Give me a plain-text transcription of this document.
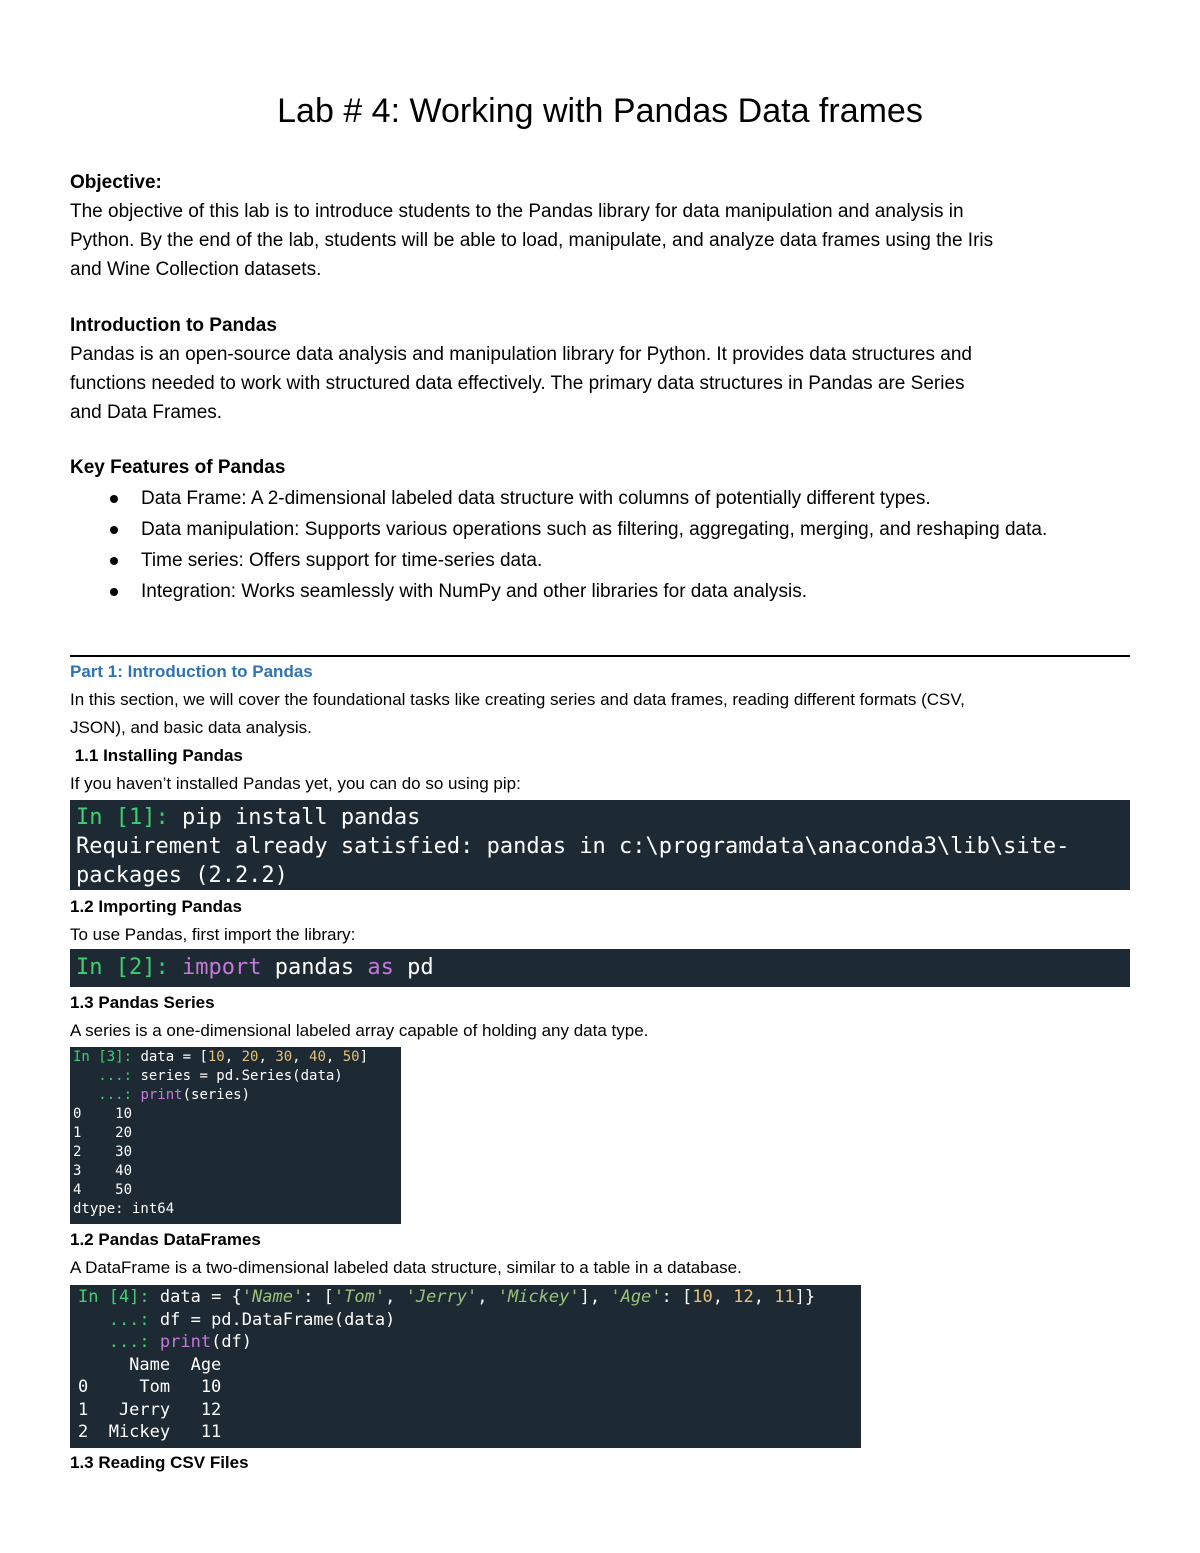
Lab # 4: Working with Pandas Data frames

Objective:

The objective of this lab is to introduce students to the Pandas library for data manipulation and analysis in

Python. By the end of the lab, students will be able to load, manipulate, and analyze data frames using the Iris

and Wine Collection datasets.

Introduction to Pandas

Pandas is an open-source data analysis and manipulation library for Python. It provides data structures and

functions needed to work with structured data effectively. The primary data structures in Pandas are Series

and Data Frames.

Key Features of Pandas

Data Frame: A 2-dimensional labeled data structure with columns of potentially different types.
Data manipulation: Supports various operations such as filtering, aggregating, merging, and reshaping data.
Time series: Offers support for time-series data.
Integration: Works seamlessly with NumPy and other libraries for data analysis.
Part 1: Introduction to Pandas
In this section, we will cover the foundational tasks like creating series and data frames, reading different formats (CSV,
JSON), and basic data analysis.
1.1 Installing Pandas
If you haven’t installed Pandas yet, you can do so using pip:
In [1]: pip install pandas
Requirement already satisfied: pandas in c:\programdata\anaconda3\lib\site-
packages (2.2.2)
1.2 Importing Pandas
To use Pandas, first import the library:
In [2]: import pandas as pd
1.3 Pandas Series
A series is a one-dimensional labeled array capable of holding any data type.
In [3]: data = [10, 20, 30, 40, 50]
...: series = pd.Series(data)
...: print(series)
0    10
1    20
2    30
3    40
4    50
dtype: int64
1.2 Pandas DataFrames
A DataFrame is a two-dimensional labeled data structure, similar to a table in a database.
In [4]: data = {'Name': ['Tom', 'Jerry', 'Mickey'], 'Age': [10, 12, 11]}
...: df = pd.DataFrame(data)
...: print(df)
Name  Age
0     Tom   10
1   Jerry   12
2  Mickey   11
1.3 Reading CSV Files
